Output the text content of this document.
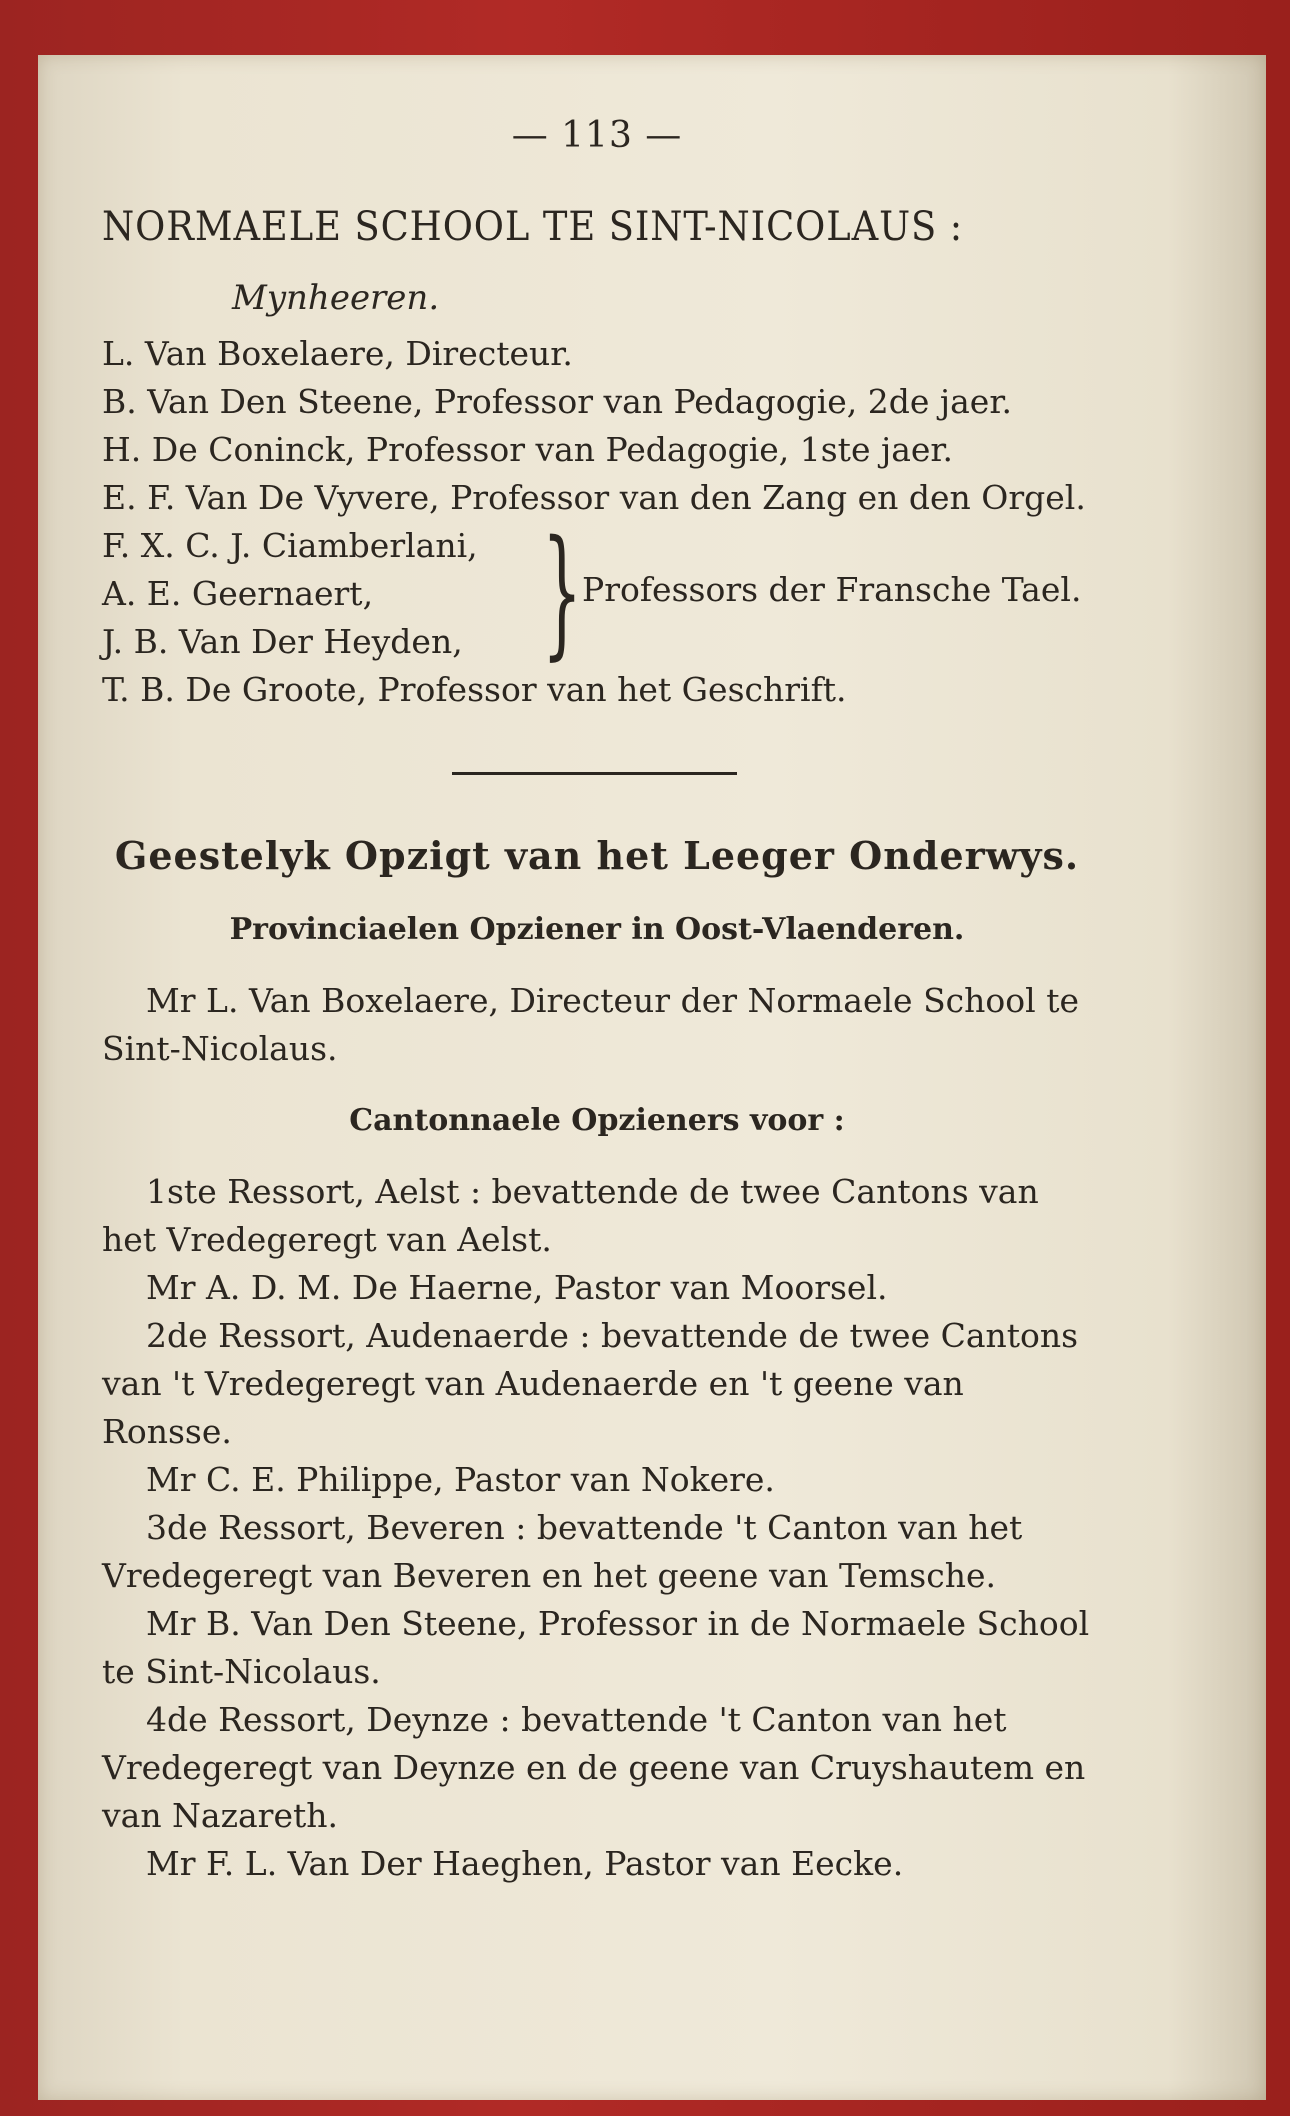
— 113 —
NORMAELE SCHOOL TE SINT-NICOLAUS :
Mynheeren.
L. Van Boxelaere, Directeur.
B. Van Den Steene, Professor van Pedagogie, 2de jaer.
H. De Coninck, Professor van Pedagogie, 1ste jaer.
E. F. Van De Vyvere, Professor van den Zang en den Orgel.
F. X. C. J. Ciamberlani,
A. E. Geernaert,
J. B. Van Der Heyden, } Professors der Fransche Tael.
T. B. De Groote, Professor van het Geschrift.
Geestelyk Opzigt van het Leeger Onderwys.
Provinciaelen Opziener in Oost-Vlaenderen.

Mr L. Van Boxelaere, Directeur der Normaele School te Sint-Nicolaus.

Cantonnaele Opzieners voor :

1ste Ressort, Aelst : bevattende de twee Cantons van het Vredegeregt van Aelst.

Mr A. D. M. De Haerne, Pastor van Moorsel.

2de Ressort, Audenaerde : bevattende de twee Cantons van 't Vredegeregt van Audenaerde en 't geene van Ronsse.

Mr C. E. Philippe, Pastor van Nokere.

3de Ressort, Beveren : bevattende 't Canton van het Vredegeregt van Beveren en het geene van Temsche.

Mr B. Van Den Steene, Professor in de Normaele School te Sint-Nicolaus.

4de Ressort, Deynze : bevattende 't Canton van het Vredegeregt van Deynze en de geene van Cruyshautem en van Nazareth.

Mr F. L. Van Der Haeghen, Pastor van Eecke.
